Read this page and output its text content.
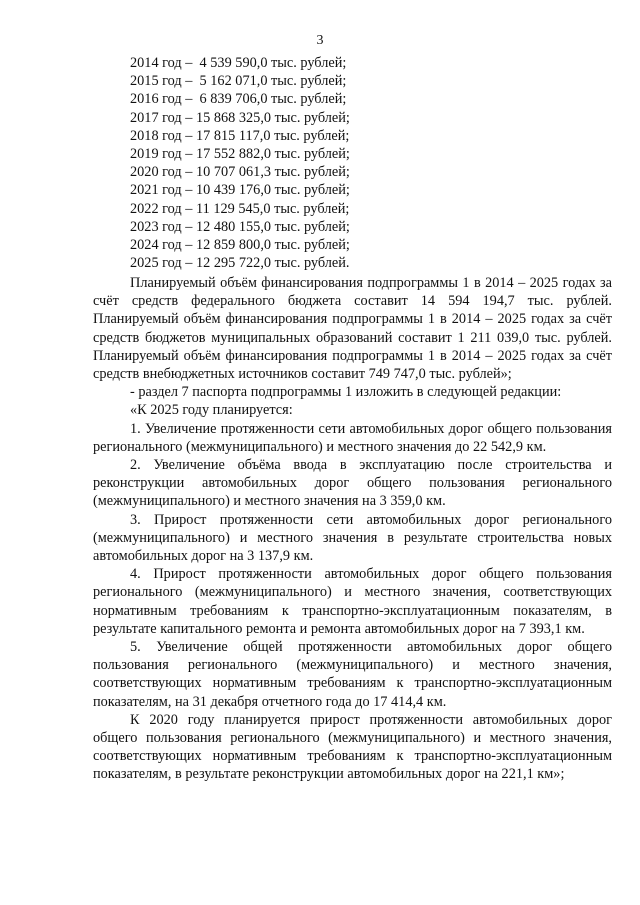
3
2014 год –  4 539 590,0 тыс. рублей;
2015 год –  5 162 071,0 тыс. рублей;
2016 год –  6 839 706,0 тыс. рублей;
2017 год – 15 868 325,0 тыс. рублей;
2018 год – 17 815 117,0 тыс. рублей;
2019 год – 17 552 882,0 тыс. рублей;
2020 год – 10 707 061,3 тыс. рублей;
2021 год – 10 439 176,0 тыс. рублей;
2022 год – 11 129 545,0 тыс. рублей;
2023 год – 12 480 155,0 тыс. рублей;
2024 год – 12 859 800,0 тыс. рублей;
2025 год – 12 295 722,0 тыс. рублей.

Планируемый объём финансирования подпрограммы 1 в 2014 – 2025 годах за счёт средств федерального бюджета составит 14 594 194,7 тыс. рублей. Планируемый объём финансирования подпрограммы 1 в 2014 – 2025 годах за счёт средств бюджетов муниципальных образований составит 1 211 039,0 тыс. рублей. Планируемый объём финансирования подпрограммы 1 в 2014 – 2025 годах за счёт средств внебюджетных источников составит 749 747,0 тыс. рублей»;

- раздел 7 паспорта подпрограммы 1 изложить в следующей редакции:

«К 2025 году планируется:

1. Увеличение протяженности сети автомобильных дорог общего пользования регионального (межмуниципального) и местного значения до 22 542,9 км.

2. Увеличение объёма ввода в эксплуатацию после строительства и реконструкции автомобильных дорог общего пользования регионального (межмуниципального) и местного значения на 3 359,0 км.

3. Прирост протяженности сети автомобильных дорог регионального (межмуниципального) и местного значения в результате строительства новых автомобильных дорог на 3 137,9 км.

4. Прирост протяженности автомобильных дорог общего пользования регионального (межмуниципального) и местного значения, соответствующих нормативным требованиям к транспортно-эксплуатационным показателям, в результате капитального ремонта и ремонта автомобильных дорог на 7 393,1 км.

5. Увеличение общей протяженности автомобильных дорог общего пользования регионального (межмуниципального) и местного значения, соответствующих нормативным требованиям к транспортно-эксплуатационным показателям, на 31 декабря отчетного года до 17 414,4 км.

К 2020 году планируется прирост протяженности автомобильных дорог общего пользования регионального (межмуниципального) и местного значения, соответствующих нормативным требованиям к транспортно-эксплуатационным показателям, в результате реконструкции автомобильных дорог на 221,1 км»;
